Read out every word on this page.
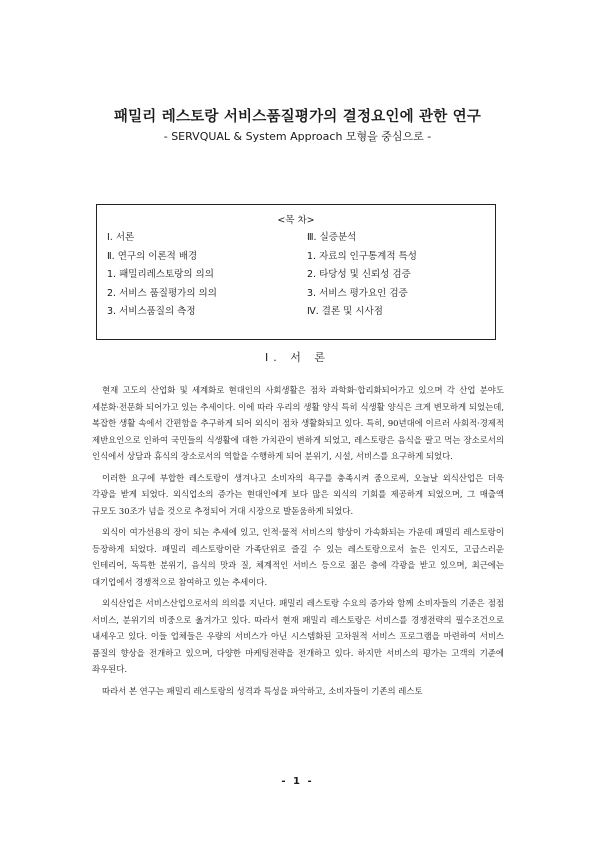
패밀리 레스토랑 서비스품질평가의 결정요인에 관한 연구
- SERVQUAL & System Approach 모형을 중심으로 -
<목 차>
Ⅰ. 서론
Ⅱ. 연구의 이론적 배경
1. 패밀리레스토랑의 의의
2. 서비스 품질평가의 의의
3. 서비스품질의 측정
Ⅲ. 실증분석
1. 자료의 인구통계적 특성
2. 타당성 및 신뢰성 검증
3. 서비스 평가요인 검증
Ⅳ. 결론 및 시사점
Ⅰ. 서 론

현재 고도의 산업화 및 세계화로 현대인의 사회생활은 점차 과학화·합리화되어가고 있으며 각 산업 분야도 세분화·전문화 되어가고 있는 추세이다. 이에 따라 우리의 생활 양식 특히 식생활 양식은 크게 변모하게 되었는데, 복잡한 생활 속에서 간편함을 추구하게 되어 외식이 점차 생활화되고 있다. 특히, 90년대에 이르러 사회적·경제적 제반요인으로 인하여 국민들의 식생활에 대한 가치관이 변하게 되었고, 레스토랑은 음식을 팔고 먹는 장소로서의 인식에서 상담과 휴식의 장소로서의 역할을 수행하게 되어 분위기, 시설, 서비스를 요구하게 되었다.

이러한 요구에 부합한 레스토랑이 생겨나고 소비자의 욕구를 충족시켜 줌으로써, 오늘날 외식산업은 더욱 각광을 받게 되었다. 외식업소의 증가는 현대인에게 보다 많은 외식의 기회를 제공하게 되었으며, 그 매출액 규모도 30조가 넘을 것으로 추정되어 거대 시장으로 발돋움하게 되었다.

외식이 여가선용의 장이 되는 추세에 있고, 인적·물적 서비스의 향상이 가속화되는 가운데 패밀리 레스토랑이 등장하게 되었다. 패밀리 레스토랑이란 가족단위로 즐길 수 있는 레스토랑으로서 높은 인지도, 고급스러운 인테리어, 독특한 분위기, 음식의 맛과 질, 체계적인 서비스 등으로 젊은 층에 각광을 받고 있으며, 최근에는 대기업에서 경쟁적으로 참여하고 있는 추세이다.

외식산업은 서비스산업으로서의 의의를 지닌다. 패밀리 레스토랑 수요의 증가와 함께 소비자들의 기준은 점점 서비스, 분위기의 비중으로 옮겨가고 있다. 따라서 현재 패밀리 레스토랑은 서비스를 경쟁전략의 필수조건으로 내세우고 있다. 이들 업체들은 우량의 서비스가 아닌 시스템화된 고차원적 서비스 프로그램을 마련하여 서비스 품질의 향상을 전개하고 있으며, 다양한 마케팅전략을 전개하고 있다. 하지만 서비스의 평가는 고객의 기준에 좌우된다.

따라서 본 연구는 패밀리 레스토랑의 성격과 특성을 파악하고, 소비자들이 기존의 레스토

- 1 -
